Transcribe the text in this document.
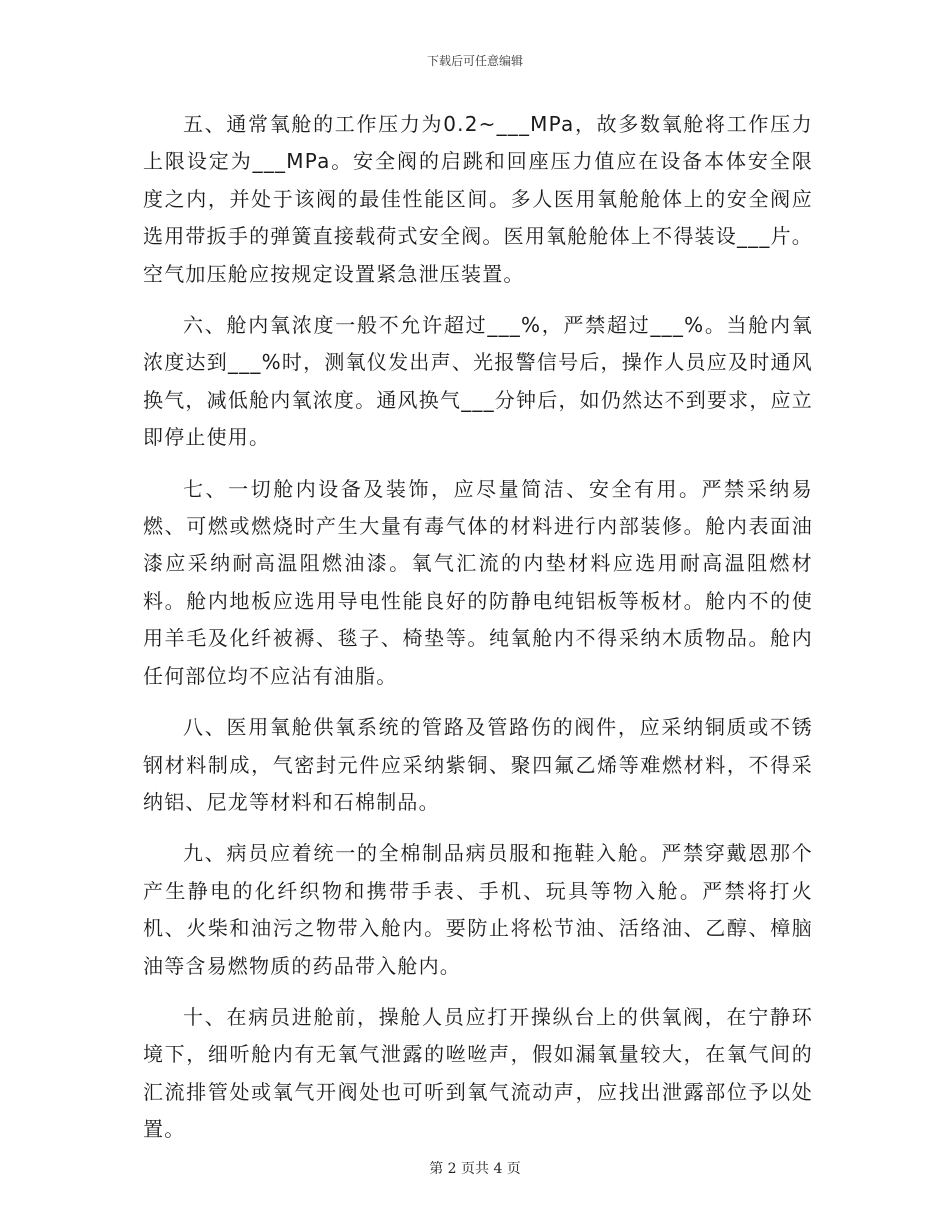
下载后可任意编辑

五、通常氧舱的工作压力为0.2~___MPa，故多数氧舱将工作压力上限设定为___MPa。安全阀的启跳和回座压力值应在设备本体安全限度之内，并处于该阀的最佳性能区间。多人医用氧舱舱体上的安全阀应选用带扳手的弹簧直接载荷式安全阀。医用氧舱舱体上不得装设___片。空气加压舱应按规定设置紧急泄压装置。

六、舱内氧浓度一般不允许超过___%，严禁超过___%。当舱内氧浓度达到___%时，测氧仪发出声、光报警信号后，操作人员应及时通风换气，减低舱内氧浓度。通风换气___分钟后，如仍然达不到要求，应立即停止使用。

七、一切舱内设备及装饰，应尽量简洁、安全有用。严禁采纳易燃、可燃或燃烧时产生大量有毒气体的材料进行内部装修。舱内表面油漆应采纳耐高温阻燃油漆。氧气汇流的内垫材料应选用耐高温阻燃材料。舱内地板应选用导电性能良好的防静电纯铝板等板材。舱内不的使用羊毛及化纤被褥、毯子、椅垫等。纯氧舱内不得采纳木质物品。舱内任何部位均不应沾有油脂。

八、医用氧舱供氧系统的管路及管路伤的阀件，应采纳铜质或不锈钢材料制成，气密封元件应采纳紫铜、聚四氟乙烯等难燃材料，不得采纳铝、尼龙等材料和石棉制品。

九、病员应着统一的全棉制品病员服和拖鞋入舱。严禁穿戴恩那个产生静电的化纤织物和携带手表、手机、玩具等物入舱。严禁将打火机、火柴和油污之物带入舱内。要防止将松节油、活络油、乙醇、樟脑油等含易燃物质的药品带入舱内。

十、在病员进舱前，操舱人员应打开操纵台上的供氧阀，在宁静环境下，细听舱内有无氧气泄露的咝咝声，假如漏氧量较大，在氧气间的汇流排管处或氧气开阀处也可听到氧气流动声，应找出泄露部位予以处置。

第 2 页共 4 页
